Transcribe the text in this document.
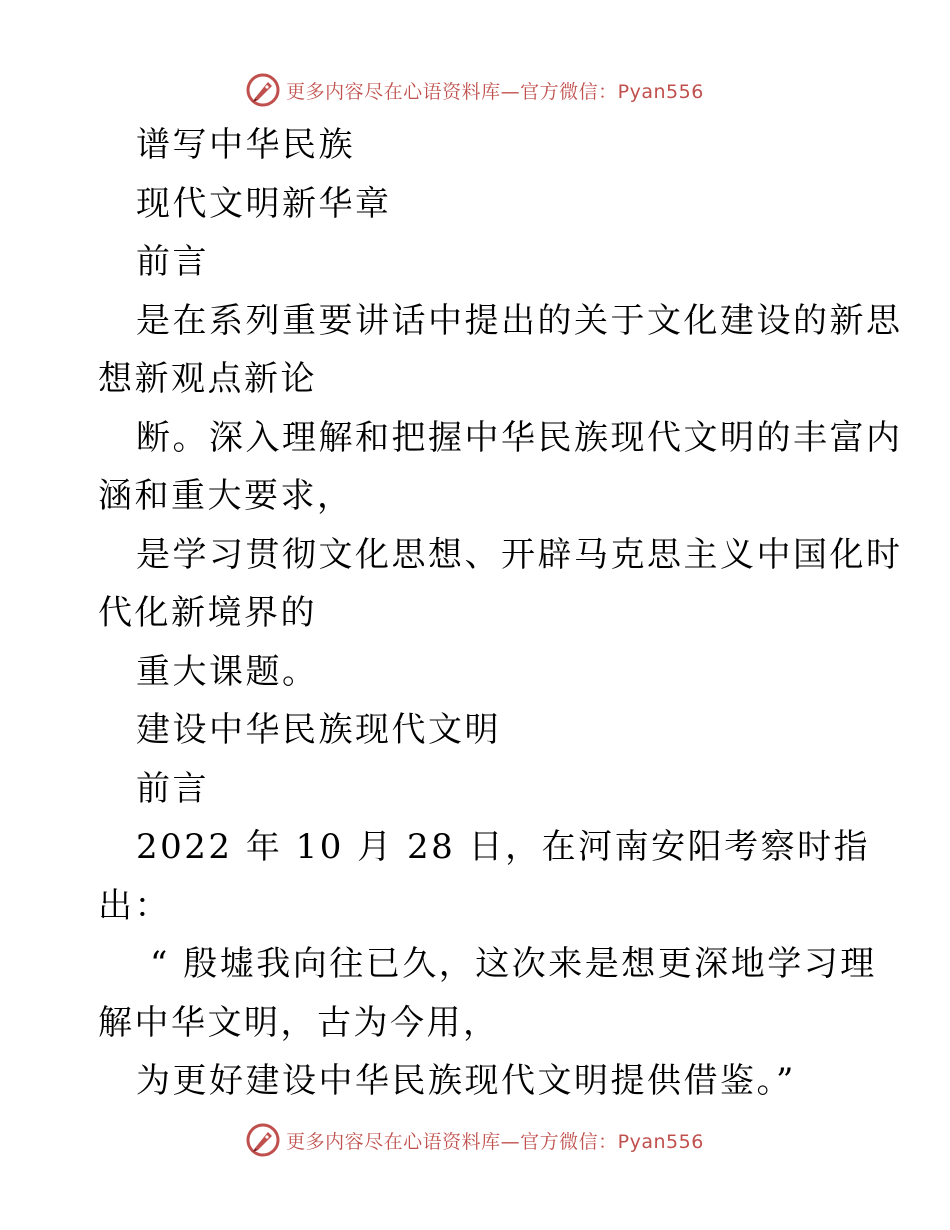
更多内容尽在心语资料库—官方微信：Pyan556
谱写中华民族
现代文明新华章
前言
是在系列重要讲话中提出的关于文化建设的新思
想新观点新论
断。深入理解和把握中华民族现代文明的丰富内
涵和重大要求，
是学习贯彻文化思想、开辟马克思主义中国化时
代化新境界的
重大课题。
建设中华民族现代文明
前言
2022 年 10 月 28 日，在河南安阳考察时指
出：
“ 殷墟我向往已久，这次来是想更深地学习理
解中华文明，古为今用，
为更好建设中华民族现代文明提供借鉴。”
更多内容尽在心语资料库—官方微信：Pyan556
